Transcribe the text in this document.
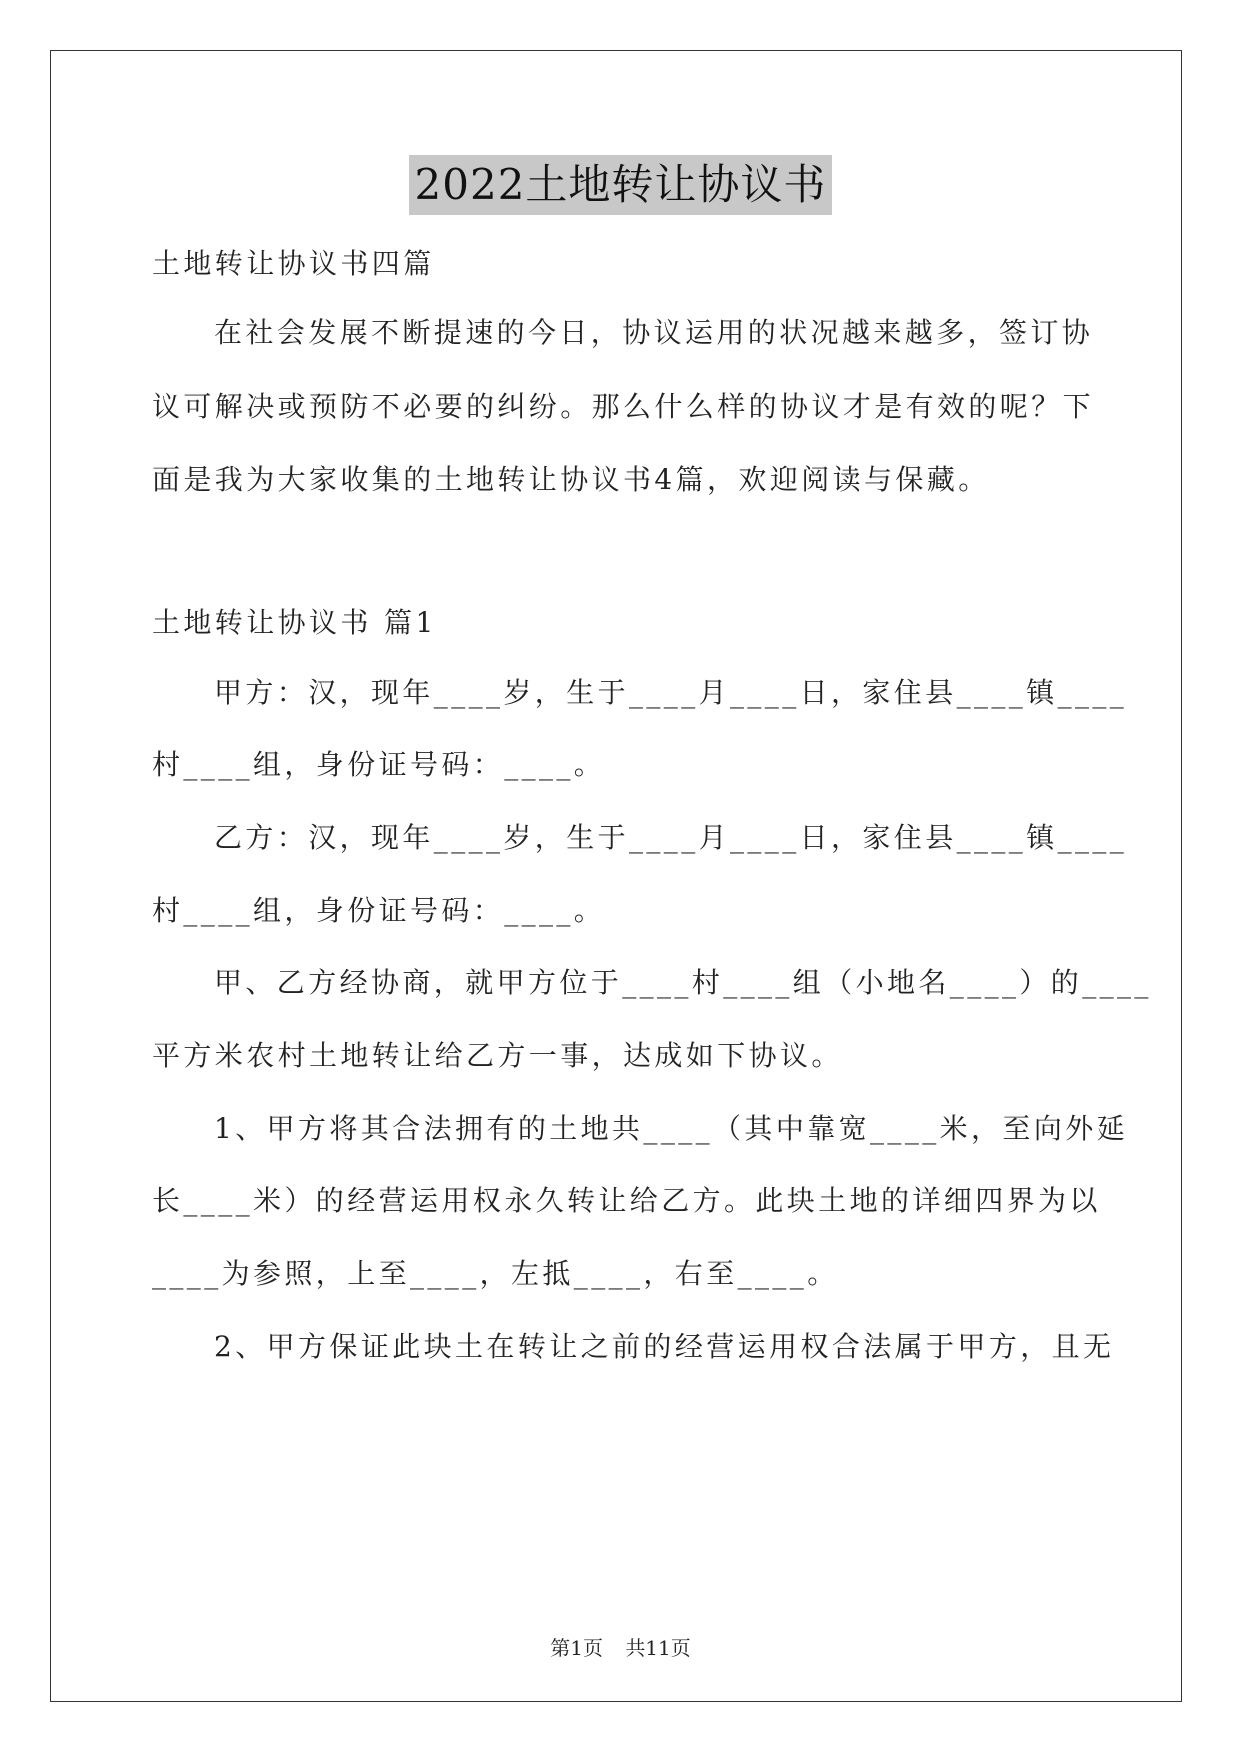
2022土地转让协议书
土地转让协议书四篇
在社会发展不断提速的今日，协议运用的状况越来越多，签订协
议可解决或预防不必要的纠纷。那么什么样的协议才是有效的呢？下
面是我为大家收集的土地转让协议书4篇，欢迎阅读与保藏。
土地转让协议书 篇1
甲方：汉，现年____岁，生于____月____日，家住县____镇____
村____组，身份证号码：____。
乙方：汉，现年____岁，生于____月____日，家住县____镇____
村____组，身份证号码：____。
甲、乙方经协商，就甲方位于____村____组（小地名____）的____
平方米农村土地转让给乙方一事，达成如下协议。
1、甲方将其合法拥有的土地共____（其中靠宽____米，至向外延
长____米）的经营运用权永久转让给乙方。此块土地的详细四界为以
____为参照，上至____，左抵____，右至____。
2、甲方保证此块土在转让之前的经营运用权合法属于甲方，且无
第1页 共11页
